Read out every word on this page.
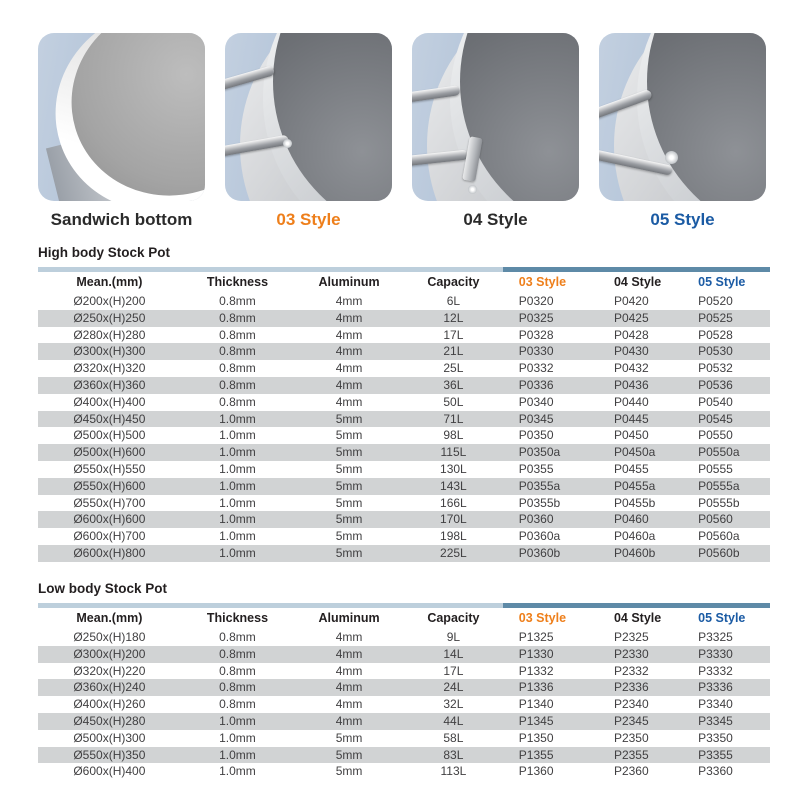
Sandwich bottom	03 Style	04 Style	05 Style
High body Stock Pot
Mean.(mm)	Thickness	Aluminum	Capacity	03 Style	04 Style	05 Style
Ø200x(H)200	0.8mm	4mm	6L	P0320	P0420	P0520
Ø250x(H)250	0.8mm	4mm	12L	P0325	P0425	P0525
Ø280x(H)280	0.8mm	4mm	17L	P0328	P0428	P0528
Ø300x(H)300	0.8mm	4mm	21L	P0330	P0430	P0530
Ø320x(H)320	0.8mm	4mm	25L	P0332	P0432	P0532
Ø360x(H)360	0.8mm	4mm	36L	P0336	P0436	P0536
Ø400x(H)400	0.8mm	4mm	50L	P0340	P0440	P0540
Ø450x(H)450	1.0mm	5mm	71L	P0345	P0445	P0545
Ø500x(H)500	1.0mm	5mm	98L	P0350	P0450	P0550
Ø500x(H)600	1.0mm	5mm	115L	P0350a	P0450a	P0550a
Ø550x(H)550	1.0mm	5mm	130L	P0355	P0455	P0555
Ø550x(H)600	1.0mm	5mm	143L	P0355a	P0455a	P0555a
Ø550x(H)700	1.0mm	5mm	166L	P0355b	P0455b	P0555b
Ø600x(H)600	1.0mm	5mm	170L	P0360	P0460	P0560
Ø600x(H)700	1.0mm	5mm	198L	P0360a	P0460a	P0560a
Ø600x(H)800	1.0mm	5mm	225L	P0360b	P0460b	P0560b
Low body Stock Pot
Mean.(mm)	Thickness	Aluminum	Capacity	03 Style	04 Style	05 Style
Ø250x(H)180	0.8mm	4mm	9L	P1325	P2325	P3325
Ø300x(H)200	0.8mm	4mm	14L	P1330	P2330	P3330
Ø320x(H)220	0.8mm	4mm	17L	P1332	P2332	P3332
Ø360x(H)240	0.8mm	4mm	24L	P1336	P2336	P3336
Ø400x(H)260	0.8mm	4mm	32L	P1340	P2340	P3340
Ø450x(H)280	1.0mm	4mm	44L	P1345	P2345	P3345
Ø500x(H)300	1.0mm	5mm	58L	P1350	P2350	P3350
Ø550x(H)350	1.0mm	5mm	83L	P1355	P2355	P3355
Ø600x(H)400	1.0mm	5mm	113L	P1360	P2360	P3360
